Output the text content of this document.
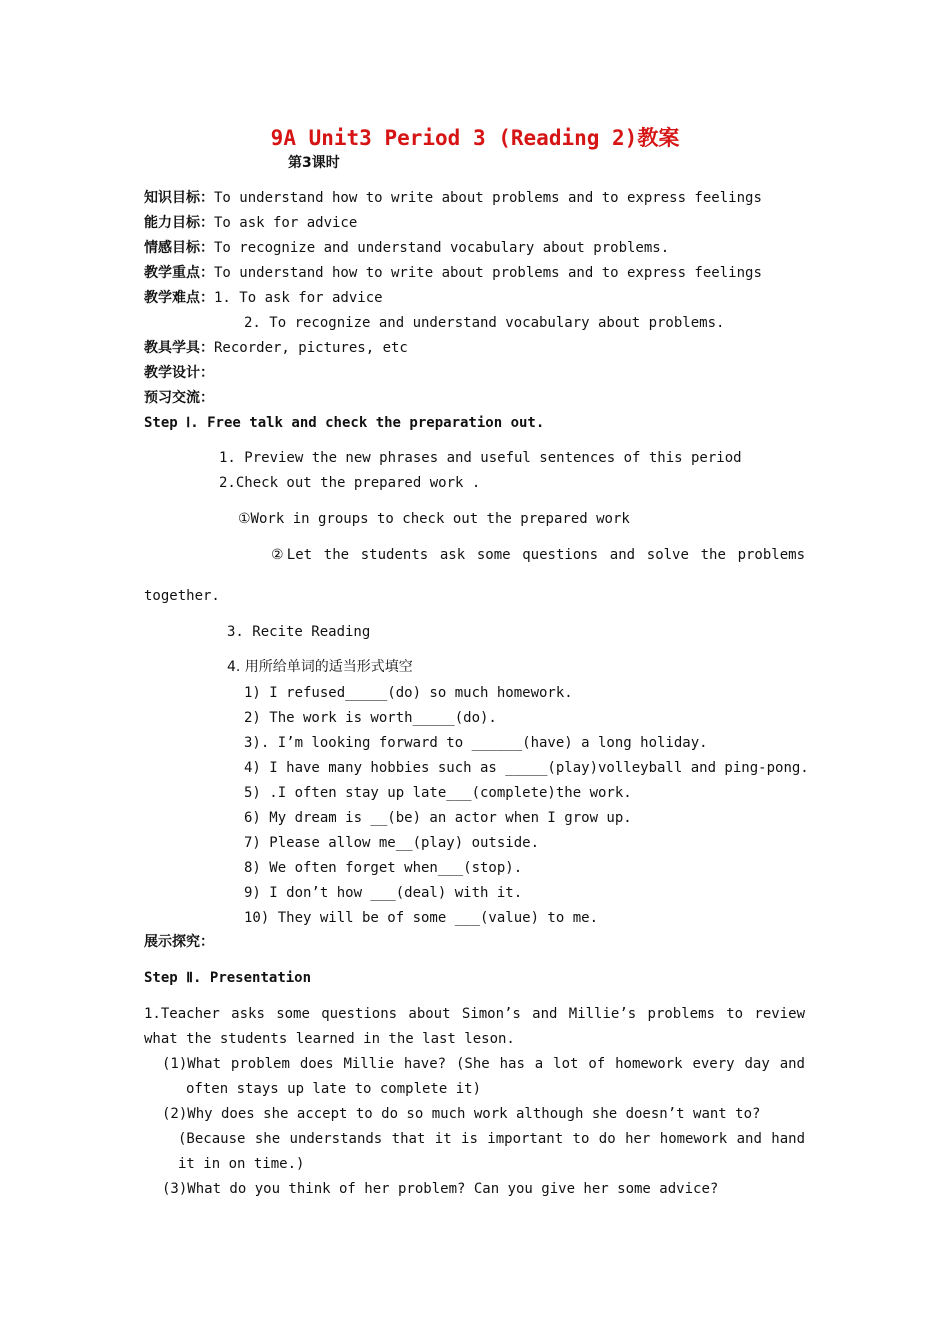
9A Unit3 Period 3 (Reading 2)教案
第3课时
知识目标：To understand how to write about problems and to express feelings
能力目标：To ask for advice
情感目标：To recognize and understand vocabulary about problems.
教学重点：To understand how to write about problems and to express feelings
教学难点：1. To ask for advice
2. To recognize and understand vocabulary about problems.
教具学具：Recorder, pictures, etc
教学设计：
预习交流：
Step Ⅰ. Free talk and check the preparation out.
1. Preview the new phrases and useful sentences of this period
2.Check out the prepared work .
①Work in groups to check out the prepared work
②Let the students ask some questions and solve the problems
together.
3. Recite Reading
4. 用所给单词的适当形式填空
1) I refused_____(do) so much homework.
2) The work is worth_____(do).
3). I’m looking forward to ______(have) a long holiday.
4) I have many hobbies such as _____(play)volleyball and ping-pong.
5) .I often stay up late___(complete)the work.
6) My dream is __(be) an actor when I grow up.
7) Please allow me__(play) outside.
8) We often forget when___(stop).
9) I don’t how ___(deal) with it.
10) They will be of some ___(value) to me.
展示探究：
Step Ⅱ. Presentation
1.Teacher asks some questions about Simon’s and Millie’s problems to review
what the students learned in the last leson.
(1)What problem does Millie have? (She has a lot of homework every day and
often stays up late to complete it)
(2)Why does she accept to do so much work although she doesn’t want to?
(Because she understands that it is important to do her homework and hand
it in on time.)
(3)What do you think of her problem? Can you give her some advice?
